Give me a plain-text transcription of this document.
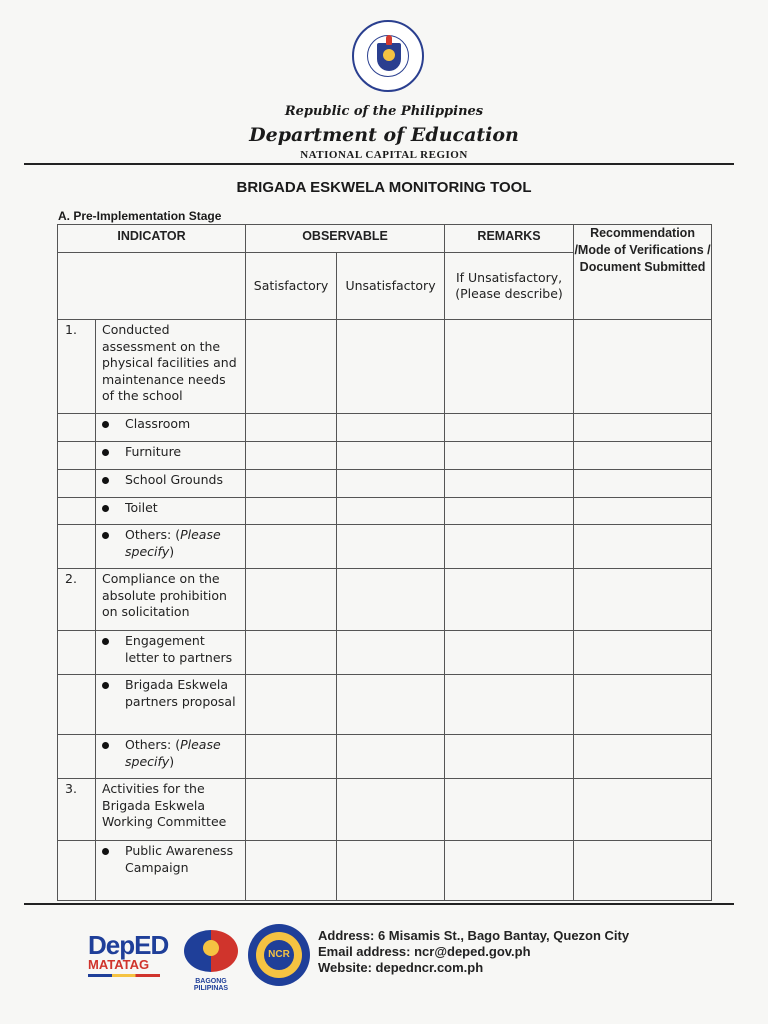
Republic of the Philippines
Department of Education
NATIONAL CAPITAL REGION
BRIGADA ESKWELA MONITORING TOOL
A. Pre-Implementation Stage
INDICATOR		OBSERVABLE		REMARKS	Recommendation /Mode of Verifications / Document Submitted
		Satisfactory	Unsatisfactory	If Unsatisfactory, (Please describe)	
1.	Conducted assessment on the physical facilities and maintenance needs of the school				

	Classroom				

	Furniture				

	School Grounds				

	Toilet				

	Others: (Please specify)				

2.	Compliance on the absolute prohibition on solicitation				

	Engagement letter to partners				

	Brigada Eskwela partners proposal				

	Others: (Please specify)				

3.	Activities for the Brigada Eskwela Working Committee				

	Public Awareness Campaign				

DepED
MATATAG
BAGONG PILIPINAS
NCR
Address: 6 Misamis St., Bago Bantay, Quezon City
Email address: ncr@deped.gov.ph
Website: depedncr.com.ph
